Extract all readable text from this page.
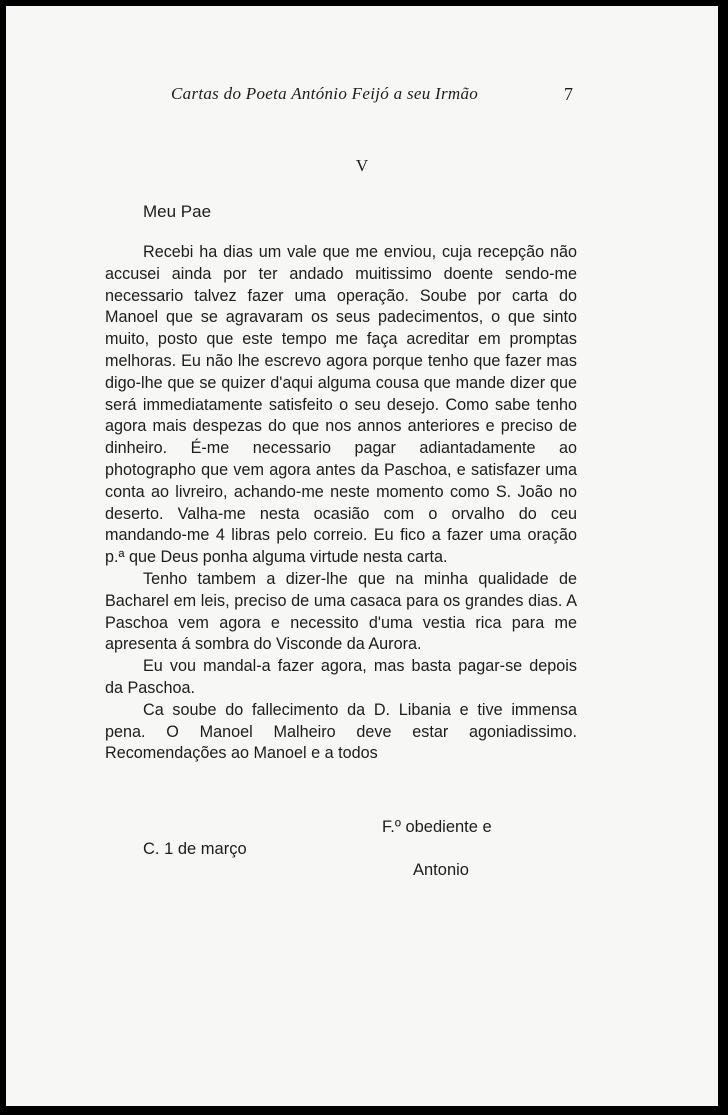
Cartas do Poeta António Feijó a seu Irmão	7
V
Meu Pae

Recebi ha dias um vale que me enviou, cuja recepção não accusei ainda por ter andado muitissimo doente sendo-me necessario talvez fazer uma operação. Soube por carta do Manoel que se agravaram os seus padecimentos, o que sinto muito, posto que este tempo me faça acreditar em promptas melhoras. Eu não lhe escrevo agora porque tenho que fazer mas digo-lhe que se quizer d'aqui alguma cousa que mande dizer que será immediatamente satisfeito o seu desejo. Como sabe tenho agora mais despezas do que nos annos anteriores e preciso de dinheiro. É-me necessario pagar adiantadamente ao photographo que vem agora antes da Paschoa, e satisfazer uma conta ao livreiro, achando-me neste momento como S. João no deserto. Valha-me nesta ocasião com o orvalho do ceu mandando-me 4 libras pelo correio. Eu fico a fazer uma oração p.ª que Deus ponha alguma virtude nesta carta.

Tenho tambem a dizer-lhe que na minha qualidade de Bacharel em leis, preciso de uma casaca para os grandes dias. A Paschoa vem agora e necessito d'uma vestia rica para me apresenta á sombra do Visconde da Aurora.

Eu vou mandal-a fazer agora, mas basta pagar-se depois da Paschoa.

Ca soube do fallecimento da D. Libania e tive immensa pena. O Manoel Malheiro deve estar agoniadissimo. Recomendações ao Manoel e a todos

F.º obediente e
C. 1 de março
Antonio
